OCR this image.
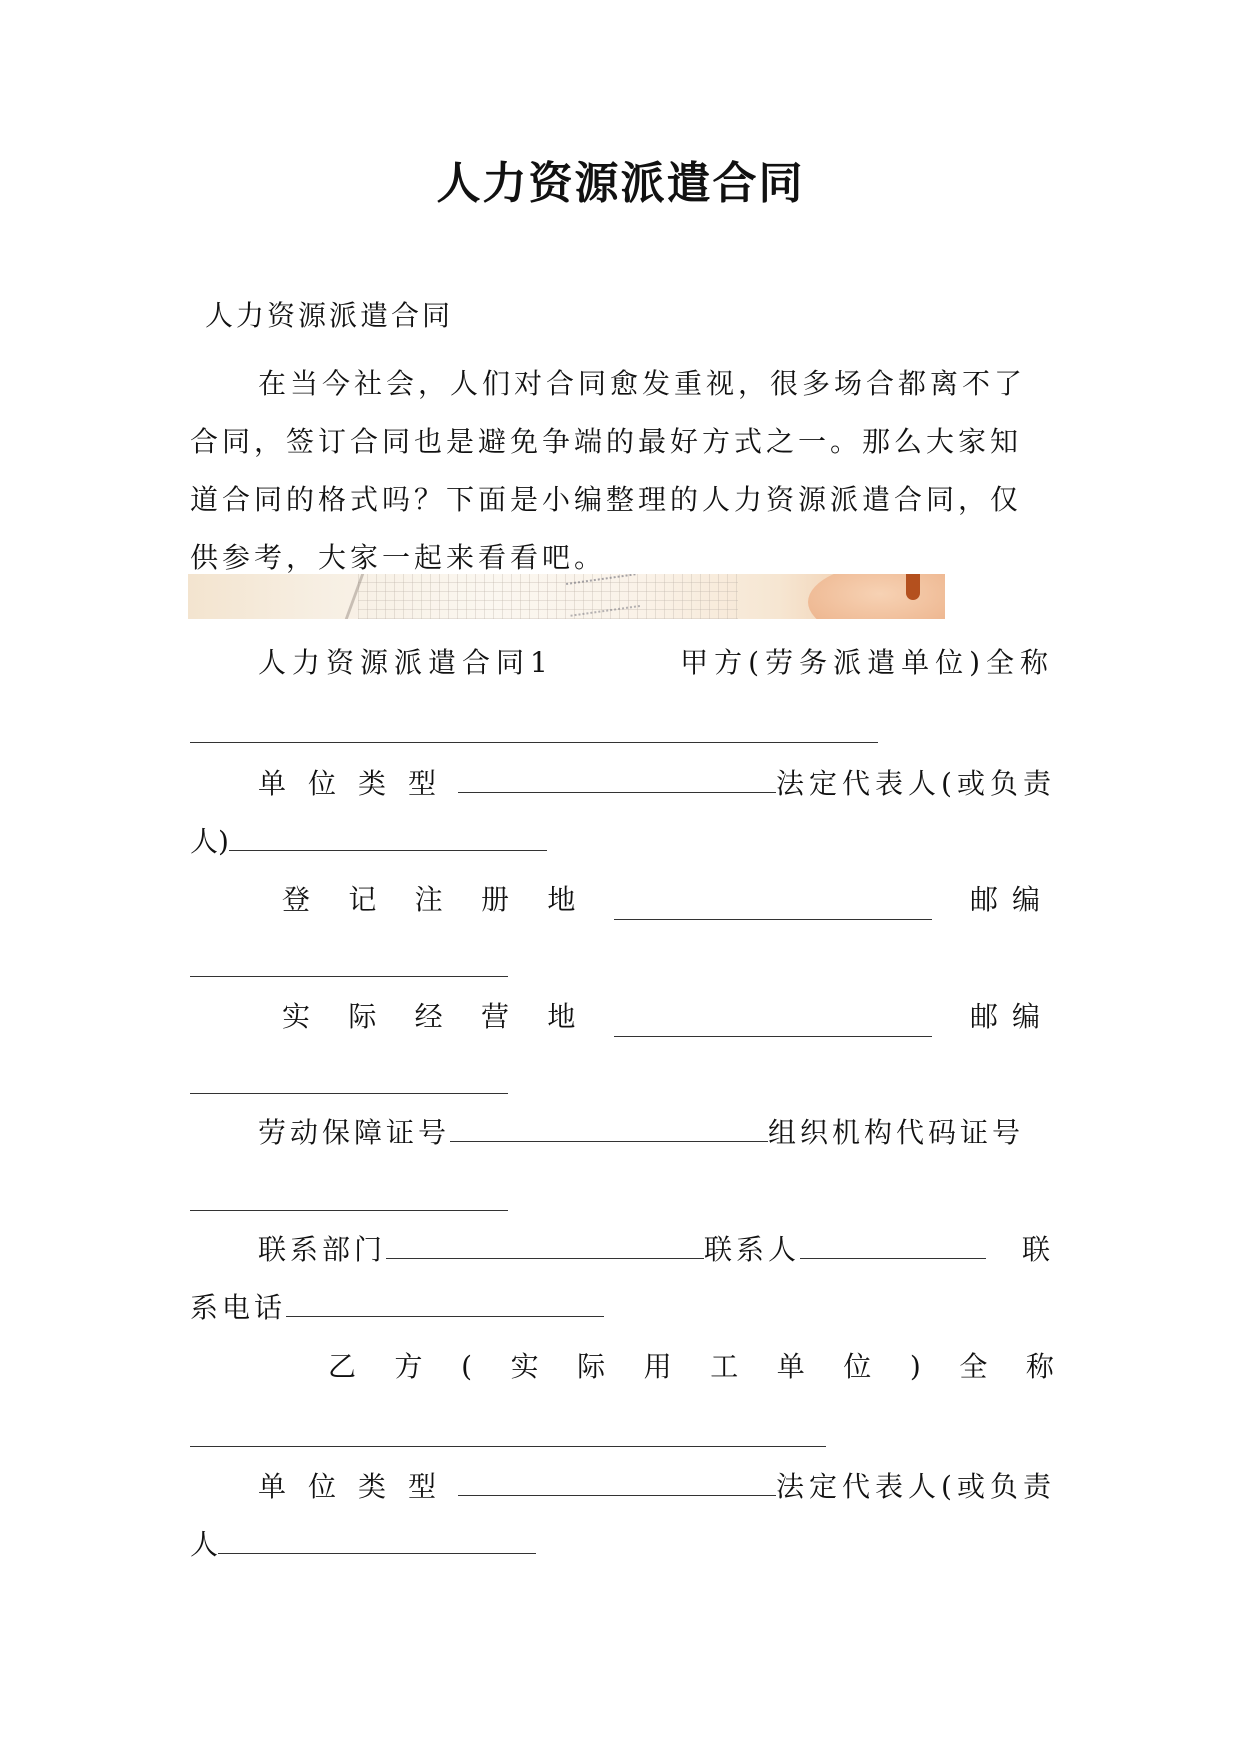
人力资源派遣合同
人力资源派遣合同

在当今社会，人们对合同愈发重视，很多场合都离不了

合同，签订合同也是避免争端的最好方式之一。那么大家知

道合同的格式吗？下面是小编整理的人力资源派遣合同，仅

供参考，大家一起来看看吧。

人力资源派遣合同1	甲方(劳务派遣单位)全称
单位类型	法定代表人(或负责
人)
登 记 注 册 地	邮编
实 际 经 营 地	邮编
劳动保障证号	组织机构代码证号
联系部门	联系人	联
系电话
乙 方 ( 实 际 用 工 单 位 ) 全 称
单位类型	法定代表人(或负责
人
